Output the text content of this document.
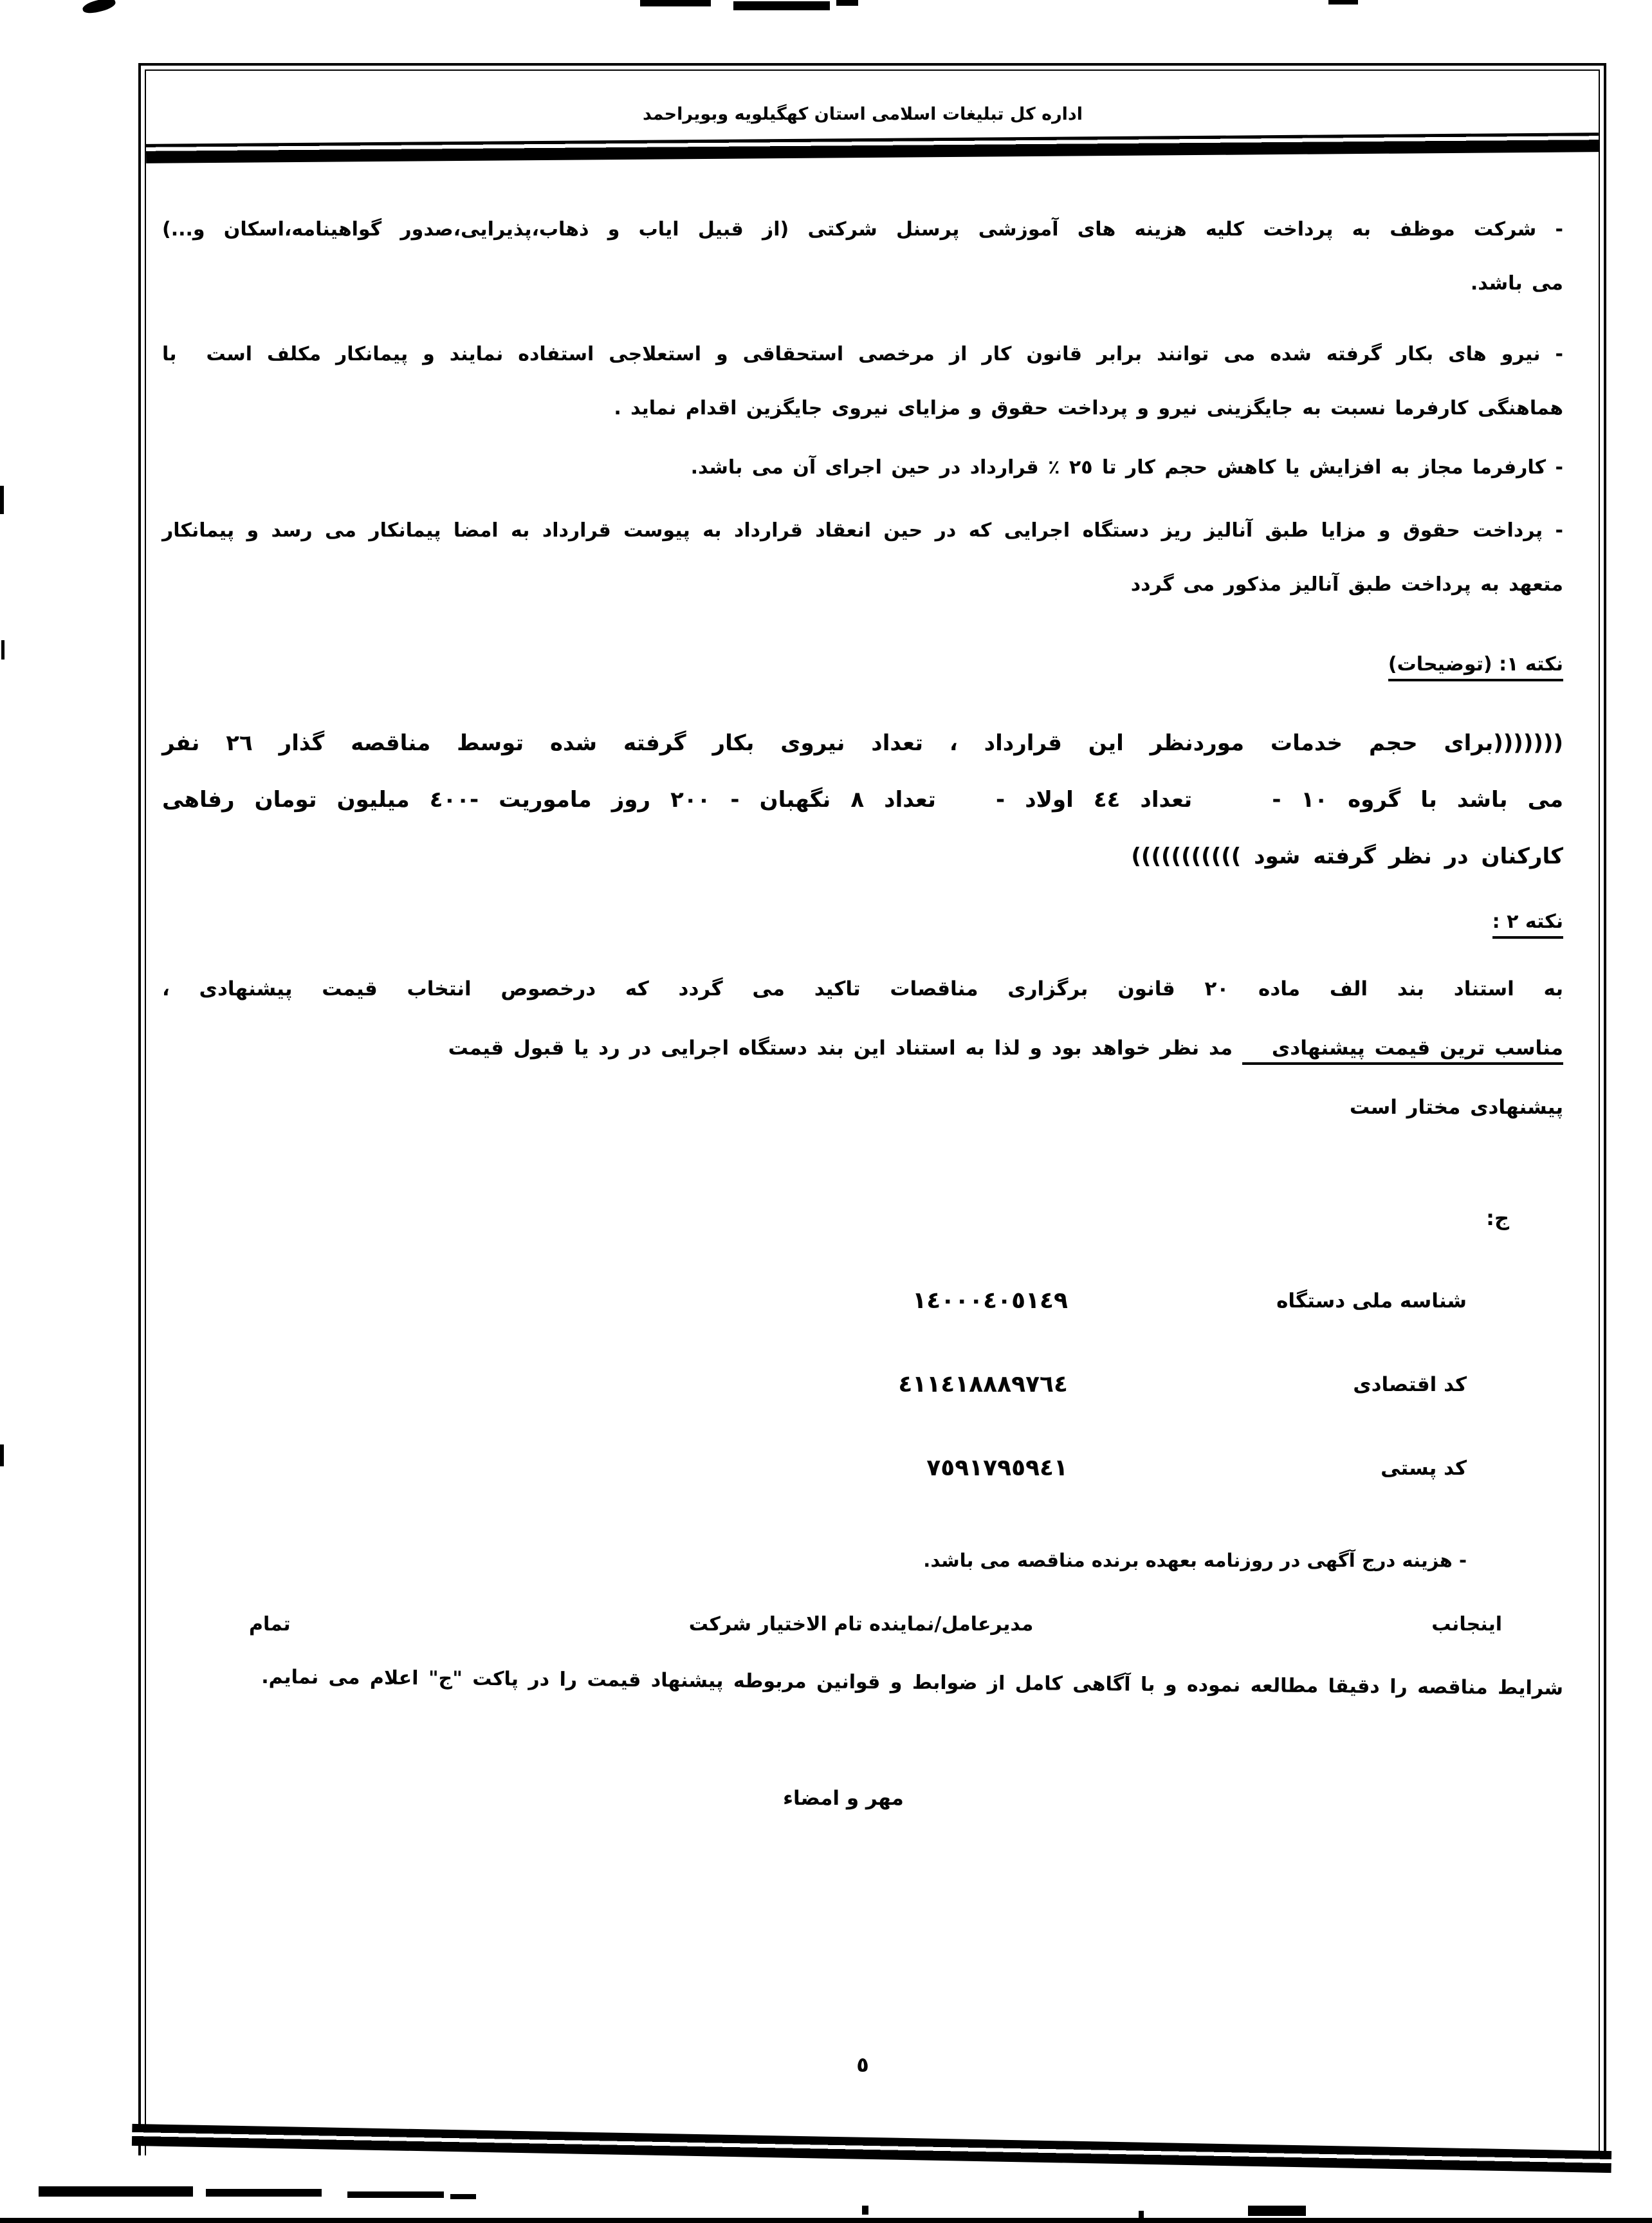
اداره کل تبلیغات اسلامی استان کهگیلویه وبویراحمد
- شرکت موظف به پرداخت کلیه هزینه های آموزشی پرسنل شرکتی (از قبیل ایاب و ذهاب،پذیرایی،صدور گواهینامه،اسکان و...)
می باشد.
- نیرو های بکار گرفته شده می توانند برابر قانون کار از مرخصی استحقاقی و استعلاجی استفاده نمایند و پیمانکار مکلف است  با
هماهنگی کارفرما نسبت به جایگزینی نیرو و پرداخت حقوق و مزایای نیروی جایگزین اقدام نماید .
- کارفرما مجاز به افزایش یا کاهش حجم کار تا ٢٥ ٪ قرارداد در حین اجرای آن می باشد.
- پرداخت حقوق و مزایا طبق آنالیز ریز دستگاه اجرایی که در حین انعقاد قرارداد به پیوست قرارداد به امضا پیمانکار می رسد و پیمانکار
متعهد به پرداخت طبق آنالیز مذکور می گردد
نکته ١: (توضیحات)
(((((((برای حجم خدمات موردنظر این قرارداد ، تعداد نیروی بکار گرفته شده توسط مناقصه گذار ٢٦ نفر
می باشد با گروه ١٠ -    تعداد ٤٤ اولاد -   تعداد ٨ نگهبان - ٢٠٠ روز ماموریت -٤٠٠ میلیون تومان رفاهی
کارکنان در نظر گرفته شود )))))))))))
نکته ٢ :
به استناد بند الف ماده ٢٠ قانون برگزاری مناقصات تاکید می گردد که درخصوص انتخاب قیمت پیشنهادی ،
مناسب ترین قیمت پیشنهادی مد نظر خواهد بود و لذا به استناد این بند دستگاه اجرایی در رد یا قبول قیمت
پیشنهادی مختار است
ج:
شناسه ملی دستگاه
١٤٠٠٠٤٠٥١٤٩
کد اقتصادی
٤١١٤١٨٨٨٩٧٦٤
کد پستی
٧٥٩١٧٩٥٩٤١
- هزینه درج آگهی در روزنامه بعهده برنده مناقصه می باشد.
اینجانب
مدیرعامل/نماینده تام الاختیار شرکت
تمام
شرایط مناقصه را دقیقا مطالعه نموده و با آگاهی کامل از ضوابط و قوانین مربوطه پیشنهاد قیمت را در پاکت "ج" اعلام می نمایم.
مهر و امضاء
٥
